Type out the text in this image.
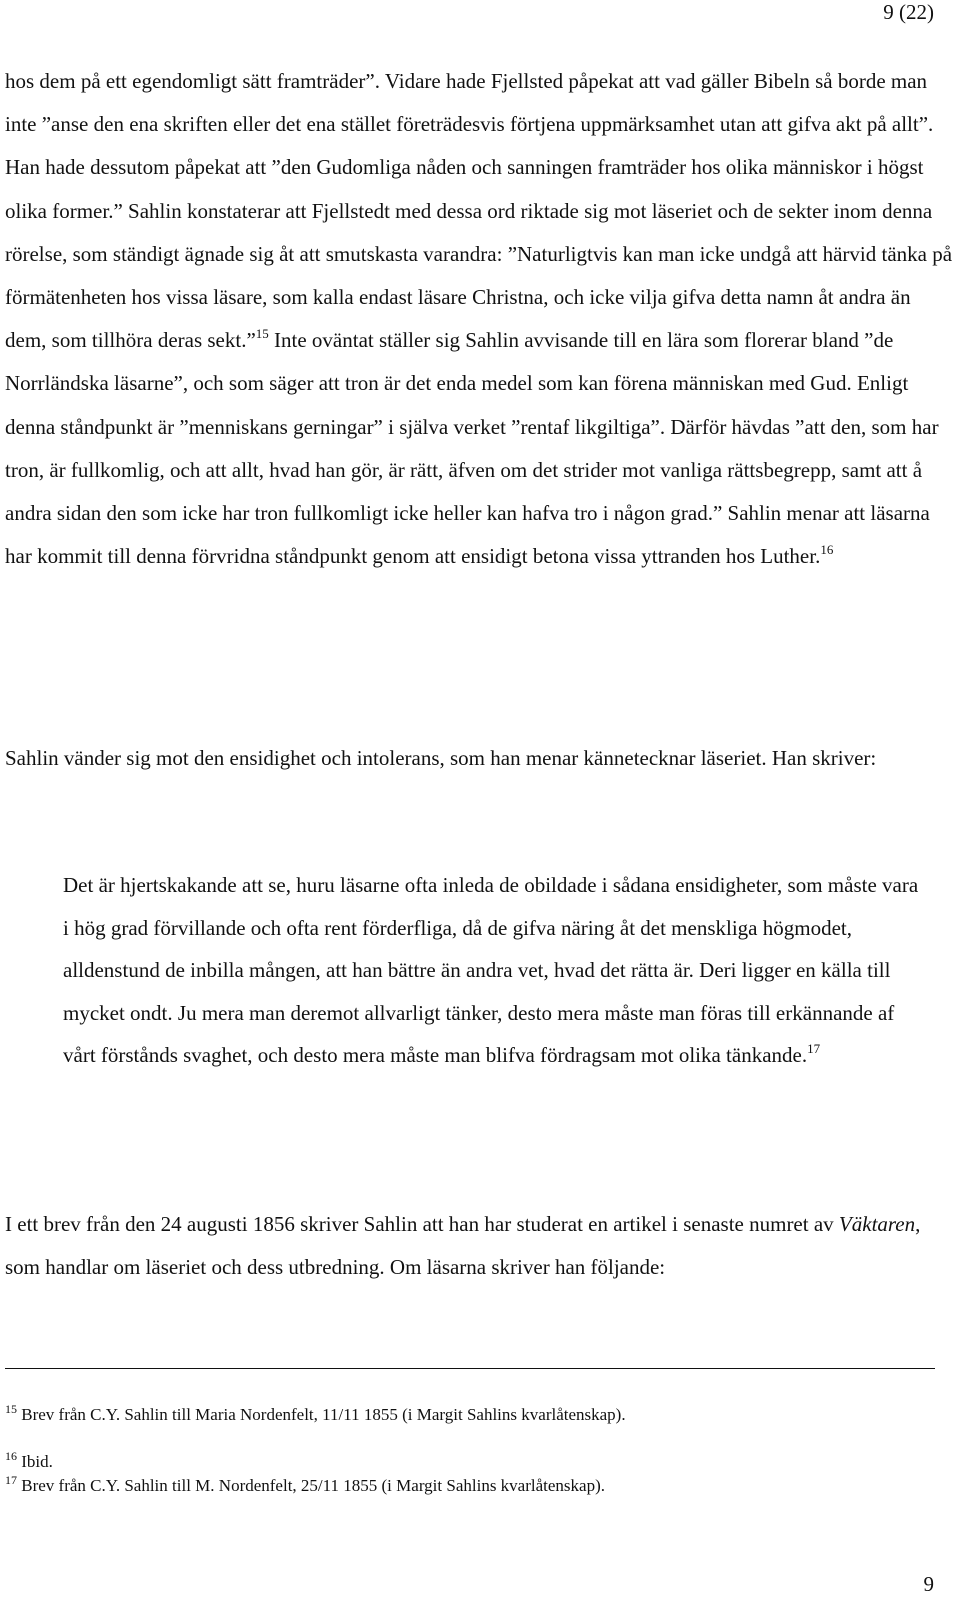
9 (22)

hos dem på ett egendomligt sätt framträder”. Vidare hade Fjellsted påpekat att vad gäller Bibeln så borde man inte ”anse den ena skriften eller det ena stället företrädesvis förtjena uppmärksamhet utan att gifva akt på allt”. Han hade dessutom påpekat att ”den Gudomliga nåden och sanningen framträder hos olika människor i högst olika former.” Sahlin konstaterar att Fjellstedt med dessa ord riktade sig mot läseriet och de sekter inom denna rörelse, som ständigt ägnade sig åt att smutskasta varandra: ”Naturligtvis kan man icke undgå att härvid tänka på förmätenheten hos vissa läsare, som kalla endast läsare Christna, och icke vilja gifva detta namn åt andra än dem, som tillhöra deras sekt.”$^{15}$ Inte oväntat ställer sig Sahlin avvisande till en lära som florerar bland ”de Norrländska läsarne”, och som säger att tron är det enda medel som kan förena människan med Gud. Enligt denna ståndpunkt är ”menniskans gerningar” i själva verket ”rentaf likgiltiga”. Därför hävdas ”att den, som har tron, är fullkomlig, och att allt, hvad han gör, är rätt, äfven om det strider mot vanliga rättsbegrepp, samt att å andra sidan den som icke har tron fullkomligt icke heller kan hafva tro i någon grad.” Sahlin menar att läsarna har kommit till denna förvridna ståndpunkt genom att ensidigt betona vissa yttranden hos Luther.$^{16}$

Sahlin vänder sig mot den ensidighet och intolerans, som han menar kännetecknar läseriet. Han skriver:

Det är hjertskakande att se, huru läsarne ofta inleda de obildade i sådana ensidigheter, som måste vara i hög grad förvillande och ofta rent förderfliga, då de gifva näring åt det menskliga högmodet, alldenstund de inbilla mången, att han bättre än andra vet, hvad det rätta är. Deri ligger en källa till mycket ondt. Ju mera man deremot allvarligt tänker, desto mera måste man föras till erkännande af vårt förstånds svaghet, och desto mera måste man blifva fördragsam mot olika tänkande.$^{17}$

I ett brev från den 24 augusti 1856 skriver Sahlin att han har studerat en artikel i senaste numret av Väktaren, som handlar om läseriet och dess utbredning. Om läsarna skriver han följande:

$^{15}$ Brev från C.Y. Sahlin till Maria Nordenfelt, 11/11 1855 (i Margit Sahlins kvarlåtenskap).

$^{16}$ Ibid.

$^{17}$ Brev från C.Y. Sahlin till M. Nordenfelt, 25/11 1855 (i Margit Sahlins kvarlåtenskap).

9
